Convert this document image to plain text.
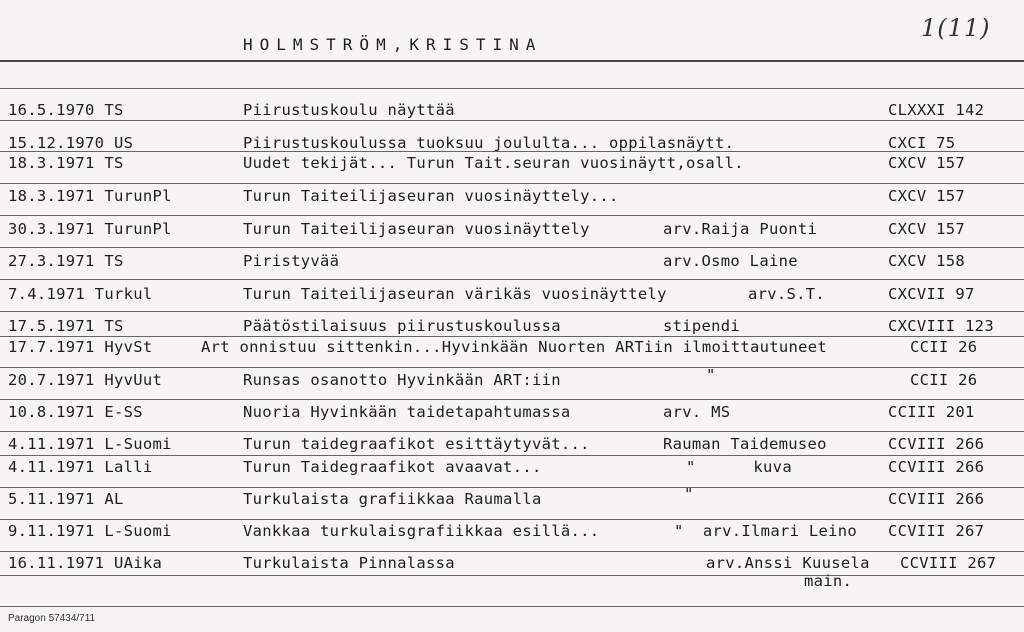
HOLMSTRÖM,KRISTINA
1(11)
16.5.1970 TS	Piirustuskoulu näyttää	CLXXXI 142
15.12.1970 US	Piirustuskoulussa tuoksuu joululta... oppilasnäytt.	CXCI 75
18.3.1971 TS	Uudet tekijät... Turun Tait.seuran vuosinäytt,osall.	CXCV 157
18.3.1971 TurunPl	Turun Taiteilijaseuran vuosinäyttely...	CXCV 157
30.3.1971 TurunPl	Turun Taiteilijaseuran vuosinäyttely	arv.Raija Puonti	CXCV 157
27.3.1971 TS	Piristyvää	arv.Osmo Laine	CXCV 158
7.4.1971 Turkul	Turun Taiteilijaseuran värikäs vuosinäyttely	arv.S.T.	CXCVII 97
17.5.1971 TS	Päätöstilaisuus piirustuskoulussa	stipendi	CXCVIII 123
17.7.1971 HyvSt	Art onnistuu sittenkin...Hyvinkään Nuorten ARTiin ilmoittautuneet	CCII 26
20.7.1971 HyvUut	Runsas osanotto Hyvinkään ART:iin	"	CCII 26
10.8.1971 E-SS	Nuoria Hyvinkään taidetapahtumassa	arv. MS	CCIII 201
4.11.1971 L-Suomi	Turun taidegraafikot esittäytyvät...	Rauman Taidemuseo	CCVIII 266
4.11.1971 Lalli	Turun Taidegraafikot avaavat...	"      kuva	CCVIII 266
5.11.1971 AL	Turkulaista grafiikkaa Raumalla	"	CCVIII 266
9.11.1971 L-Suomi	Vankkaa turkulaisgrafiikkaa esillä...	"  arv.Ilmari Leino CCVIII 267
16.11.1971 UAika	Turkulaista Pinnalassa	arv.Anssi Kuusela CCVIII 267
main.
Paragon 57434/711
